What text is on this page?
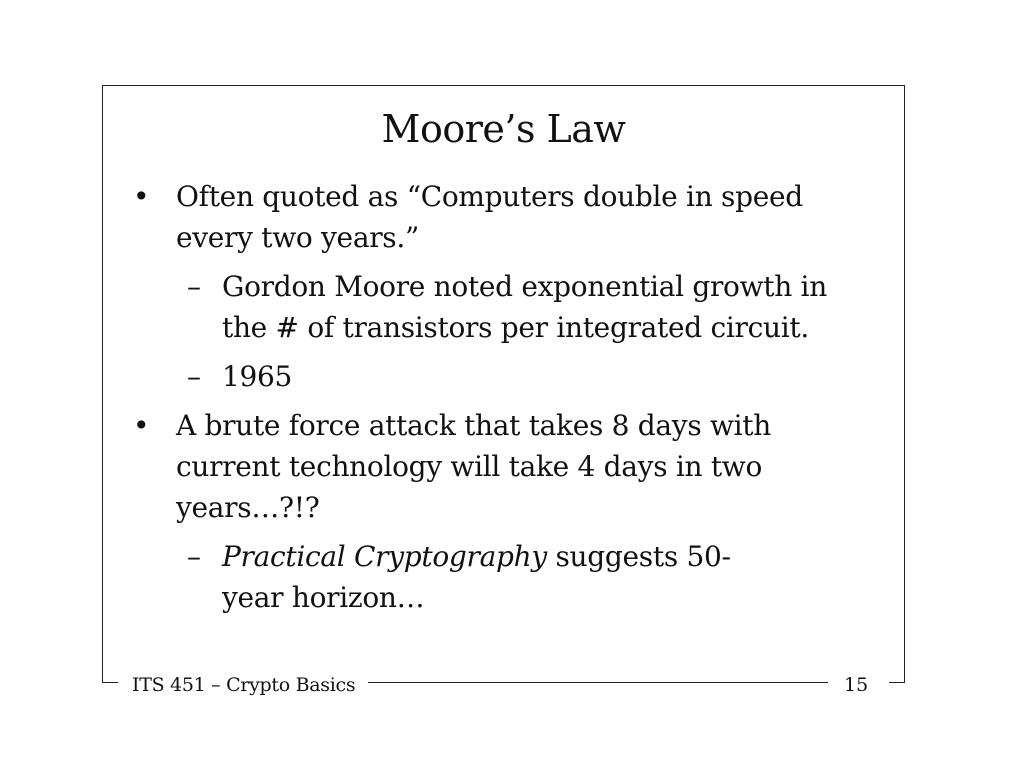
Moore’s Law
• Often quoted as “Computers double in speed every two years.”
– Gordon Moore noted exponential growth in the # of transistors per integrated circuit.
– 1965
• A brute force attack that takes 8 days with current technology will take 4 days in two years…?!?
– Practical Cryptography suggests 50-year horizon…
ITS 451 – Crypto Basics	15
